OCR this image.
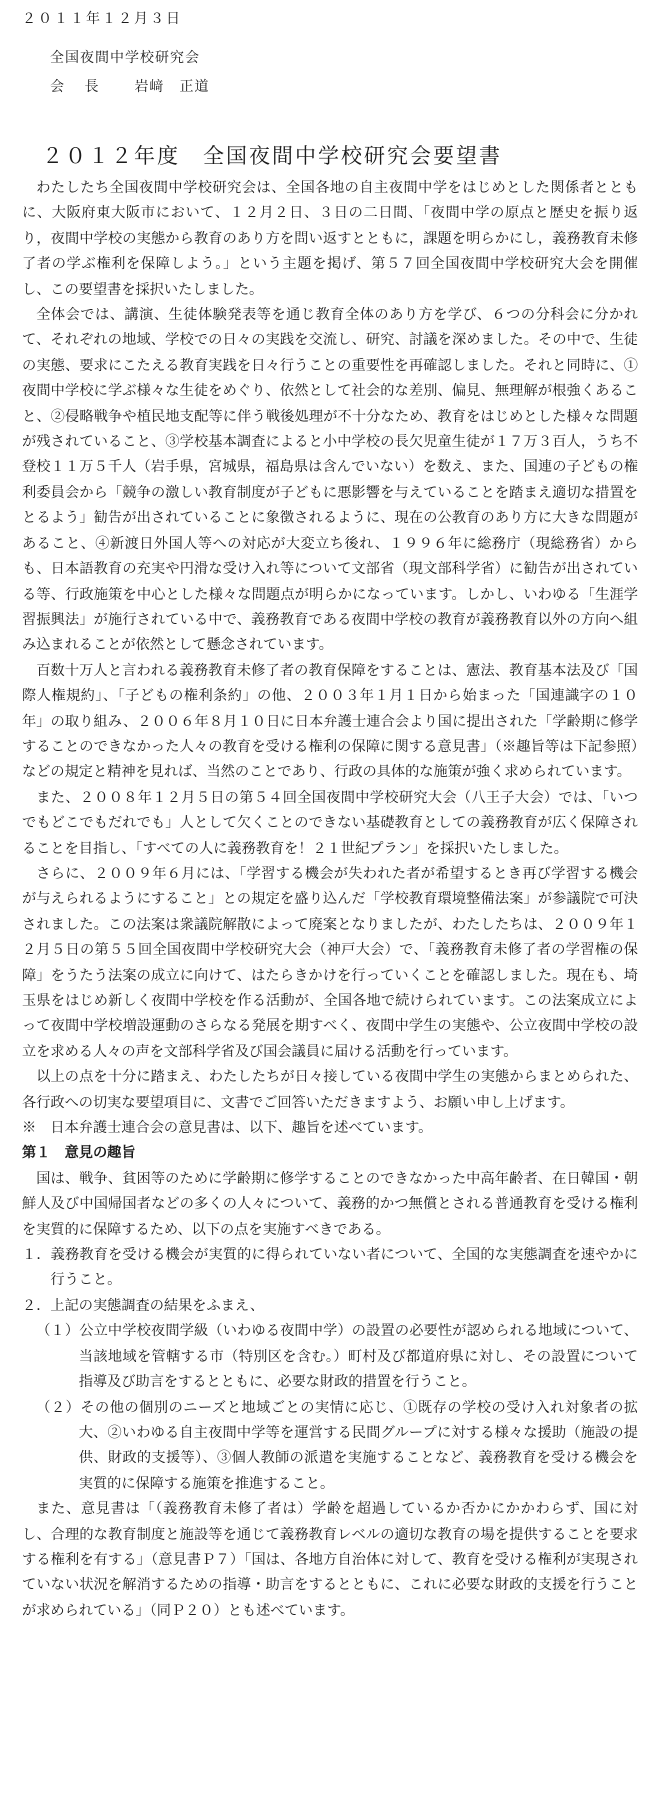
２０１１年１２月３日
全国夜間中学校研究会
会 長 岩﨑　正道
２０１２年度　全国夜間中学校研究会要望書

わたしたち全国夜間中学校研究会は、全国各地の自主夜間中学をはじめとした関係者とともに、大阪府東大阪市において、１２月２日、３日の二日間、「夜間中学の原点と歴史を振り返り，夜間中学校の実態から教育のあり方を問い返すとともに，課題を明らかにし，義務教育未修了者の学ぶ権利を保障しよう。」という主題を掲げ、第５７回全国夜間中学校研究大会を開催し、この要望書を採択いたしました。

全体会では、講演、生徒体験発表等を通じ教育全体のあり方を学び、６つの分科会に分かれて、それぞれの地域、学校での日々の実践を交流し、研究、討議を深めました。その中で、生徒の実態、要求にこたえる教育実践を日々行うことの重要性を再確認しました。それと同時に、①夜間中学校に学ぶ様々な生徒をめぐり、依然として社会的な差別、偏見、無理解が根強くあること、②侵略戦争や植民地支配等に伴う戦後処理が不十分なため、教育をはじめとした様々な問題が残されていること、③学校基本調査によると小中学校の長欠児童生徒が１７万３百人，うち不登校１１万５千人（岩手県，宮城県，福島県は含んでいない）を数え、また、国連の子どもの権利委員会から「競争の激しい教育制度が子どもに悪影響を与えていることを踏まえ適切な措置をとるよう」勧告が出されていることに象徴されるように、現在の公教育のあり方に大きな問題があること、④新渡日外国人等への対応が大変立ち後れ、１９９６年に総務庁（現総務省）からも、日本語教育の充実や円滑な受け入れ等について文部省（現文部科学省）に勧告が出されている等、行政施策を中心とした様々な問題点が明らかになっています。しかし、いわゆる「生涯学習振興法」が施行されている中で、義務教育である夜間中学校の教育が義務教育以外の方向へ組み込まれることが依然として懸念されています。

百数十万人と言われる義務教育未修了者の教育保障をすることは、憲法、教育基本法及び「国際人権規約」、「子どもの権利条約」の他、２００３年１月１日から始まった「国連識字の１０年」の取り組み、２００６年８月１０日に日本弁護士連合会より国に提出された「学齢期に修学することのできなかった人々の教育を受ける権利の保障に関する意見書」（※趣旨等は下記参照）などの規定と精神を見れば、当然のことであり、行政の具体的な施策が強く求められています。

また、２００８年１２月５日の第５４回全国夜間中学校研究大会（八王子大会）では、「いつでもどこでもだれでも」人として欠くことのできない基礎教育としての義務教育が広く保障されることを目指し、「すべての人に義務教育を！２１世紀プラン」を採択いたしました。

さらに、２００９年６月には、「学習する機会が失われた者が希望するとき再び学習する機会が与えられるようにすること」との規定を盛り込んだ「学校教育環境整備法案」が参議院で可決されました。この法案は衆議院解散によって廃案となりましたが、わたしたちは、２００９年１２月５日の第５５回全国夜間中学校研究大会（神戸大会）で、「義務教育未修了者の学習権の保障」をうたう法案の成立に向けて、はたらきかけを行っていくことを確認しました。現在も、埼玉県をはじめ新しく夜間中学校を作る活動が、全国各地で続けられています。この法案成立によって夜間中学校増設運動のさらなる発展を期すべく、夜間中学生の実態や、公立夜間中学校の設立を求める人々の声を文部科学省及び国会議員に届ける活動を行っています。

以上の点を十分に踏まえ、わたしたちが日々接している夜間中学生の実態からまとめられた、各行政への切実な要望項目に、文書でご回答いただきますよう、お願い申し上げます。

※　日本弁護士連合会の意見書は、以下、趣旨を述べています。

第１　意見の趣旨

国は、戦争、貧困等のために学齢期に修学することのできなかった中高年齢者、在日韓国・朝鮮人及び中国帰国者などの多くの人々について、義務的かつ無償とされる普通教育を受ける権利を実質的に保障するため、以下の点を実施すべきである。

１．義務教育を受ける機会が実質的に得られていない者について、全国的な実態調査を速やかに行うこと。

２．上記の実態調査の結果をふまえ、

（１）公立中学校夜間学級（いわゆる夜間中学）の設置の必要性が認められる地域について、当該地域を管轄する市（特別区を含む。）町村及び都道府県に対し、その設置について指導及び助言をするとともに、必要な財政的措置を行うこと。

（２）その他の個別のニーズと地域ごとの実情に応じ、①既存の学校の受け入れ対象者の拡大、②いわゆる自主夜間中学等を運営する民間グループに対する様々な援助（施設の提供、財政的支援等）、③個人教師の派遣を実施することなど、義務教育を受ける機会を実質的に保障する施策を推進すること。

また、意見書は「（義務教育未修了者は）学齢を超過しているか否かにかかわらず、国に対し、合理的な教育制度と施設等を通じて義務教育レベルの適切な教育の場を提供することを要求する権利を有する」（意見書Ｐ７）「国は、各地方自治体に対して、教育を受ける権利が実現されていない状況を解消するための指導・助言をするとともに、これに必要な財政的支援を行うことが求められている」（同Ｐ２０）とも述べています。
